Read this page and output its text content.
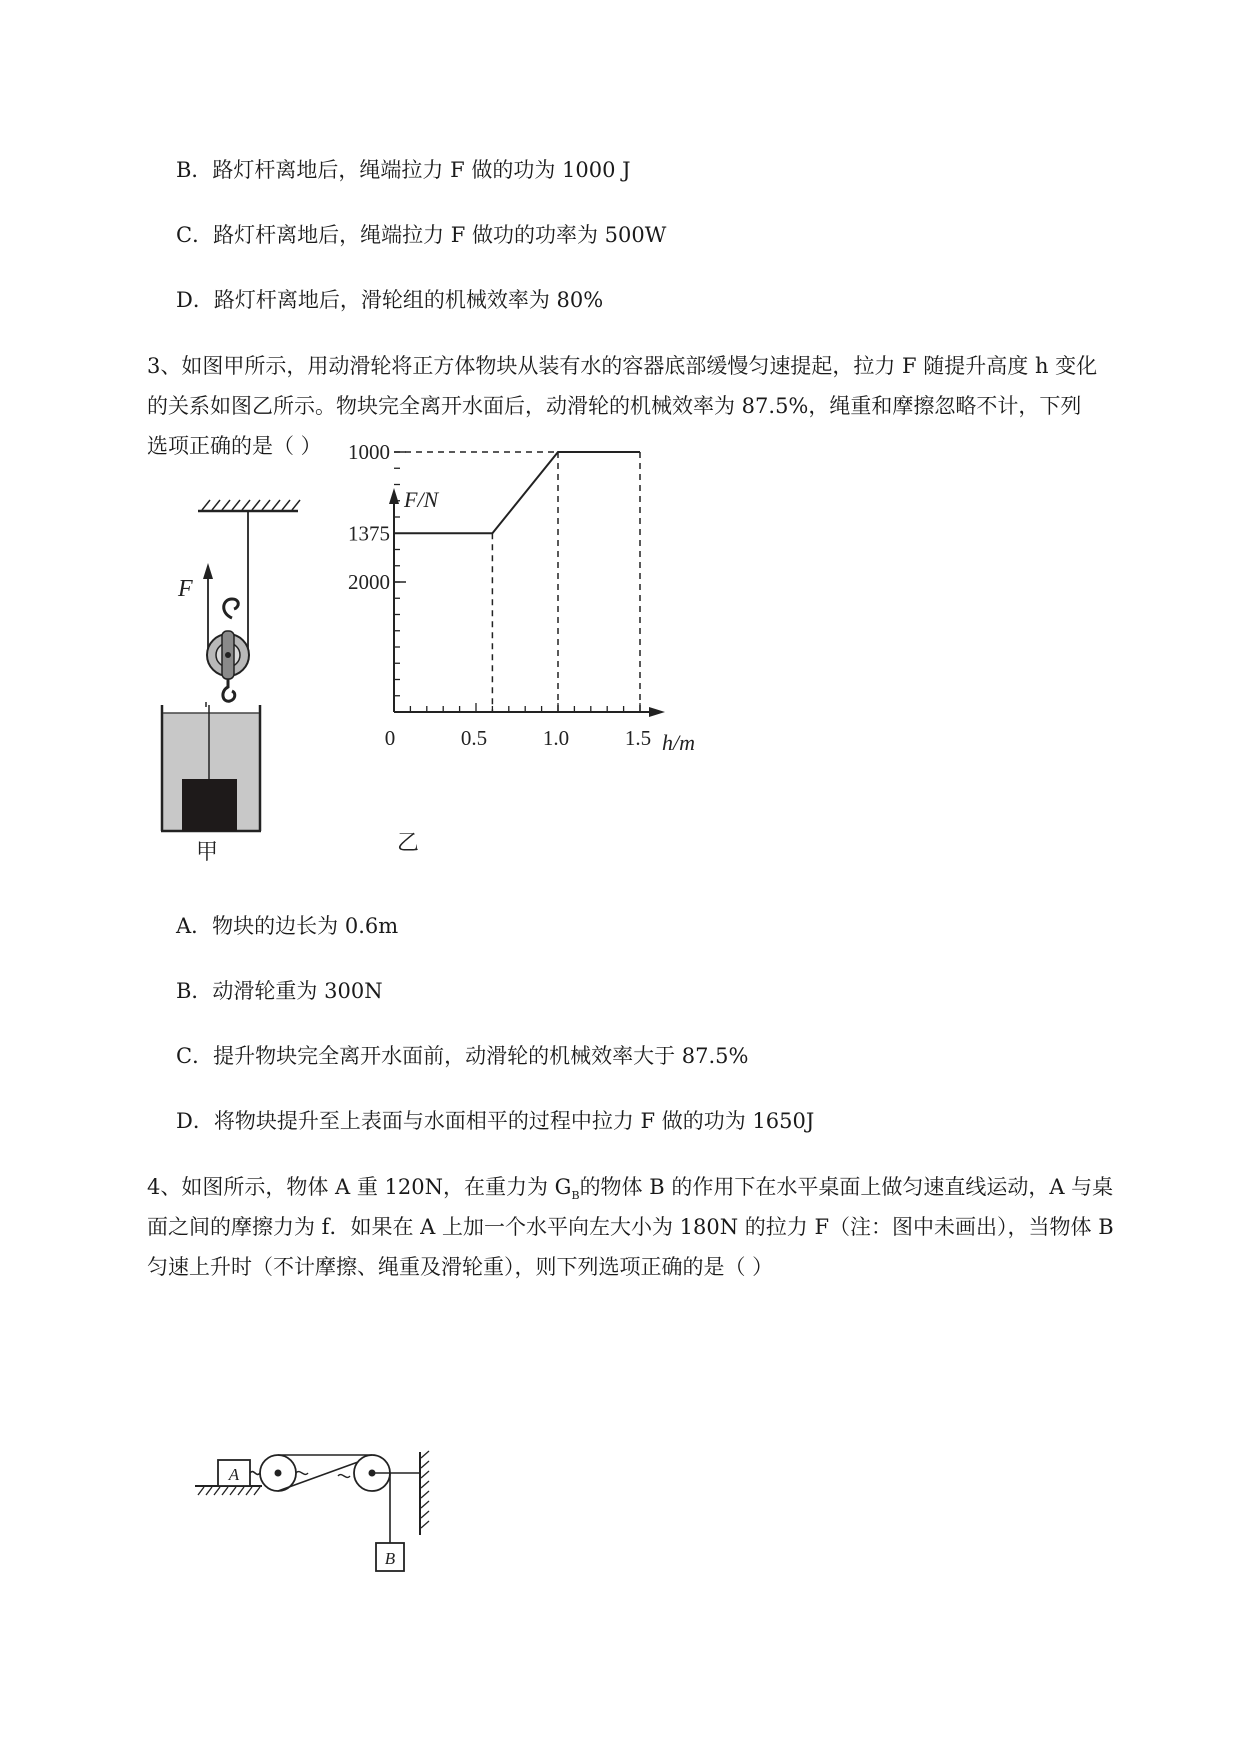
B．路灯杆离地后，绳端拉力 F 做的功为 1000 J
C．路灯杆离地后，绳端拉力 F 做功的功率为 500W
D．路灯杆离地后，滑轮组的机械效率为 80%
3、如图甲所示，用动滑轮将正方体物块从装有水的容器底部缓慢匀速提起，拉力 F 随提升高度 h 变化
的关系如图乙所示。物块完全离开水面后，动滑轮的机械效率为 87.5%，绳重和摩擦忽略不计，下列
选项正确的是（ ）
F
甲
F/N
2000
1375
1000
0	0.5	1.0	1.5 h/m
乙
A．物块的边长为 0.6m
B．动滑轮重为 300N
C．提升物块完全离开水面前，动滑轮的机械效率大于 87.5%
D．将物块提升至上表面与水面相平的过程中拉力 F 做的功为 1650J
4、如图所示，物体 A 重 120N，在重力为 $G_B$的物体 B 的作用下在水平桌面上做匀速直线运动，A 与桌
面之间的摩擦力为 f．如果在 A 上加一个水平向左大小为 180N 的拉力 F（注：图中未画出），当物体 B
匀速上升时（不计摩擦、绳重及滑轮重），则下列选项正确的是（ ）
A
B
